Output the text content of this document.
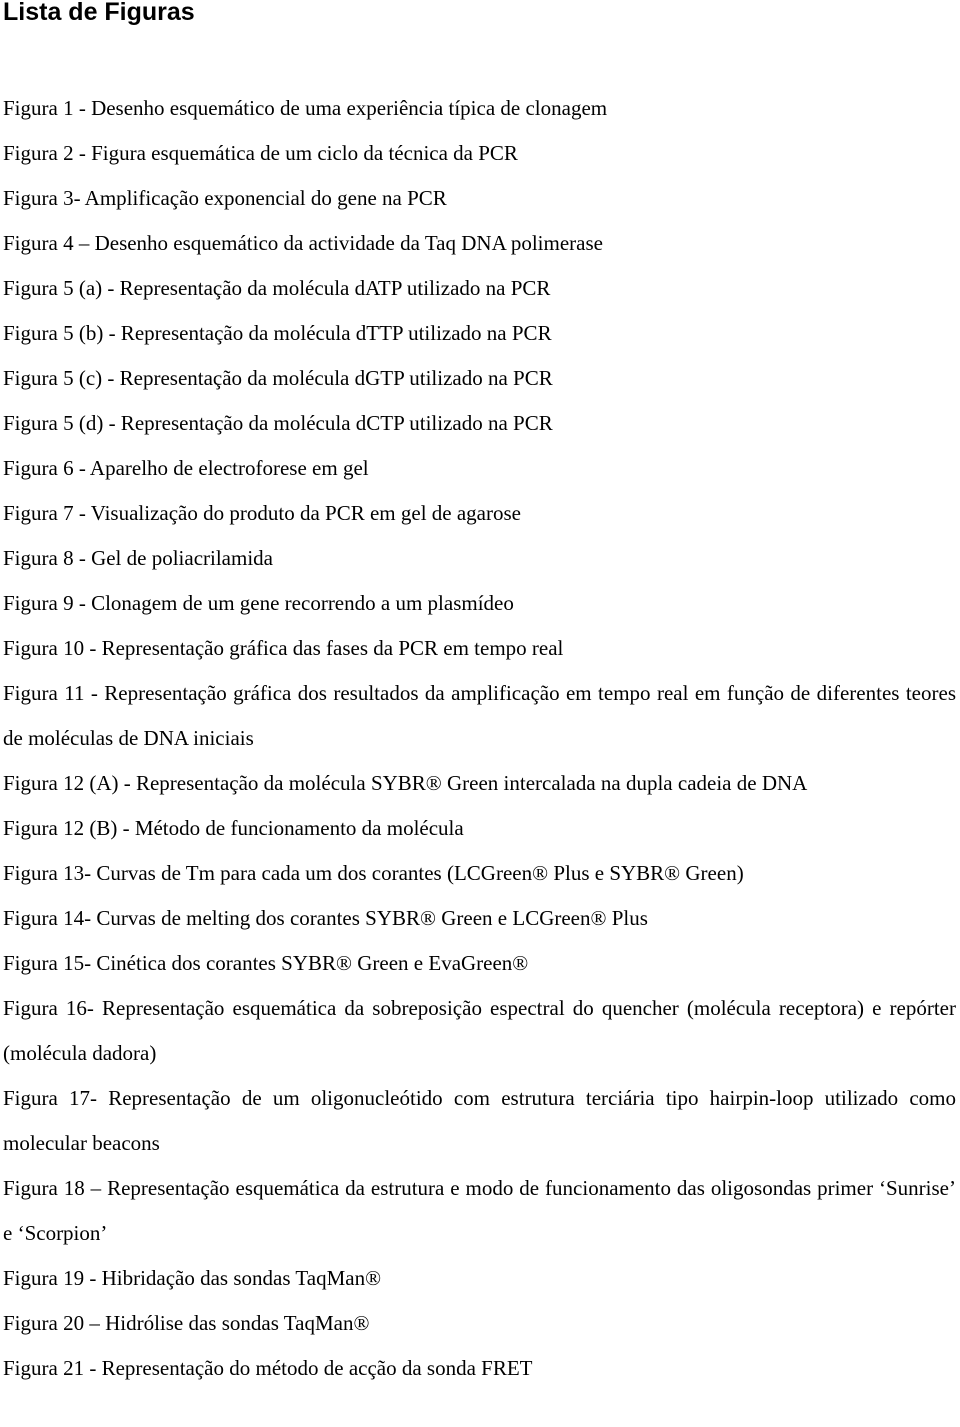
Lista de Figuras
Figura 1 - Desenho esquemático de uma experiência típica de clonagem
Figura 2 - Figura esquemática de um ciclo da técnica da PCR
Figura 3- Amplificação exponencial do gene na PCR
Figura 4 – Desenho esquemático da actividade da Taq DNA polimerase
Figura 5 (a) - Representação da molécula dATP utilizado na PCR
Figura 5 (b) - Representação da molécula dTTP utilizado na PCR
Figura 5 (c) - Representação da molécula dGTP utilizado na PCR
Figura 5 (d) - Representação da molécula dCTP utilizado na PCR
Figura 6 - Aparelho de electroforese em gel
Figura 7 - Visualização do produto da PCR em gel de agarose
Figura 8 - Gel de poliacrilamida
Figura 9 - Clonagem de um gene recorrendo a um plasmídeo
Figura 10 - Representação gráfica das fases da PCR em tempo real
Figura 11 - Representação gráfica dos resultados da amplificação em tempo real em função de diferentes teores de moléculas de DNA iniciais
Figura 12 (A) - Representação da molécula SYBR® Green intercalada na dupla cadeia de DNA
Figura 12 (B) - Método de funcionamento da molécula
Figura 13- Curvas de Tm para cada um dos corantes (LCGreen® Plus e SYBR® Green)
Figura 14- Curvas de melting dos corantes SYBR® Green e LCGreen® Plus
Figura 15- Cinética dos corantes SYBR® Green e EvaGreen®
Figura 16- Representação esquemática da sobreposição espectral do quencher (molécula receptora) e repórter (molécula dadora)
Figura 17- Representação de um oligonucleótido com estrutura terciária tipo hairpin-loop utilizado como molecular beacons
Figura 18 – Representação esquemática da estrutura e modo de funcionamento das oligosondas primer ‘Sunrise’ e ‘Scorpion’
Figura 19 - Hibridação das sondas TaqMan®
Figura 20 – Hidrólise das sondas TaqMan®
Figura 21 - Representação do método de acção da sonda FRET
